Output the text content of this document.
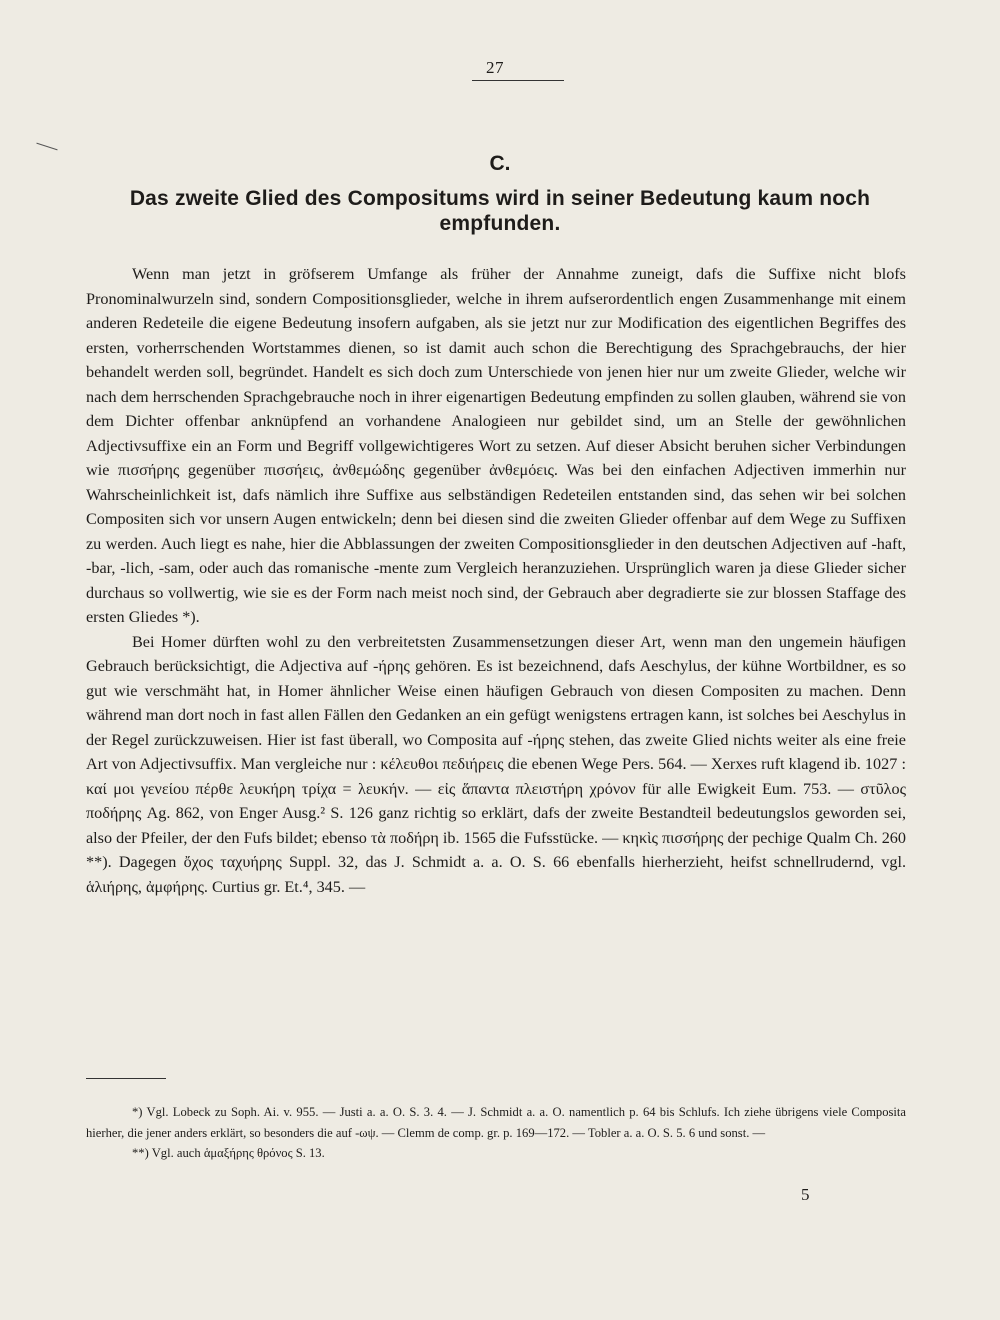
27
C.
Das zweite Glied des Compositums wird in seiner Bedeutung kaum noch empfunden.

Wenn man jetzt in gröfserem Umfange als früher der Annahme zuneigt, dafs die Suffixe nicht blofs Pronominalwurzeln sind, sondern Compositionsglieder, welche in ihrem aufserordentlich engen Zusammenhange mit einem anderen Redeteile die eigene Bedeutung insofern aufgaben, als sie jetzt nur zur Modification des eigentlichen Begriffes des ersten, vorherrschenden Wortstammes dienen, so ist damit auch schon die Berechtigung des Sprachgebrauchs, der hier behandelt werden soll, begründet. Handelt es sich doch zum Unterschiede von jenen hier nur um zweite Glieder, welche wir nach dem herrschenden Sprachgebrauche noch in ihrer eigenartigen Bedeutung empfinden zu sollen glauben, während sie von dem Dichter offenbar anknüpfend an vorhandene Analogieen nur gebildet sind, um an Stelle der gewöhnlichen Adjectivsuffixe ein an Form und Begriff vollgewichtigeres Wort zu setzen. Auf dieser Absicht beruhen sicher Verbindungen wie πισσήρης gegenüber πισσήεις, ἀνθεμώδης gegenüber ἀνθεμόεις. Was bei den einfachen Adjectiven immerhin nur Wahrscheinlichkeit ist, dafs nämlich ihre Suffixe aus selbständigen Redeteilen entstanden sind, das sehen wir bei solchen Compositen sich vor unsern Augen entwickeln; denn bei diesen sind die zweiten Glieder offenbar auf dem Wege zu Suffixen zu werden. Auch liegt es nahe, hier die Abblassungen der zweiten Compositionsglieder in den deutschen Adjectiven auf -haft, -bar, -lich, -sam, oder auch das romanische -mente zum Vergleich heranzuziehen. Ursprünglich waren ja diese Glieder sicher durchaus so vollwertig, wie sie es der Form nach meist noch sind, der Gebrauch aber degradierte sie zur blossen Staffage des ersten Gliedes *).

Bei Homer dürften wohl zu den verbreitetsten Zusammensetzungen dieser Art, wenn man den ungemein häufigen Gebrauch berücksichtigt, die Adjectiva auf -ήρης gehören. Es ist bezeichnend, dafs Aeschylus, der kühne Wortbildner, es so gut wie verschmäht hat, in Homer ähnlicher Weise einen häufigen Gebrauch von diesen Compositen zu machen. Denn während man dort noch in fast allen Fällen den Gedanken an ein gefügt wenigstens ertragen kann, ist solches bei Aeschylus in der Regel zurückzuweisen. Hier ist fast überall, wo Composita auf -ήρης stehen, das zweite Glied nichts weiter als eine freie Art von Adjectivsuffix. Man vergleiche nur : κέλευθοι πεδιήρεις die ebenen Wege Pers. 564. — Xerxes ruft klagend ib. 1027 : καί μοι γενείου πέρθε λευκήρη τρίχα = λευκήν. — εἰς ἅπαντα πλειστήρη χρόνον für alle Ewigkeit Eum. 753. — στῦλος ποδήρης Ag. 862, von Enger Ausg.² S. 126 ganz richtig so erklärt, dafs der zweite Bestandteil bedeutungslos geworden sei, also der Pfeiler, der den Fufs bildet; ebenso τὰ ποδήρη ib. 1565 die Fufsstücke. — κηκὶς πισσήρης der pechige Qualm Ch. 260 **). Dagegen ὄχος ταχυήρης Suppl. 32, das J. Schmidt a. a. O. S. 66 ebenfalls hierherzieht, heifst schnellrudernd, vgl. ἁλιήρης, ἀμφήρης. Curtius gr. Et.⁴, 345. —

*) Vgl. Lobeck zu Soph. Ai. v. 955. — Justi a. a. O. S. 3. 4. — J. Schmidt a. a. O. namentlich p. 64 bis Schlufs. Ich ziehe übrigens viele Composita hierher, die jener anders erklärt, so besonders die auf -ωψ. — Clemm de comp. gr. p. 169—172. — Tobler a. a. O. S. 5. 6 und sonst. —

**) Vgl. auch ἁμαξήρης θρόνος S. 13.

5
